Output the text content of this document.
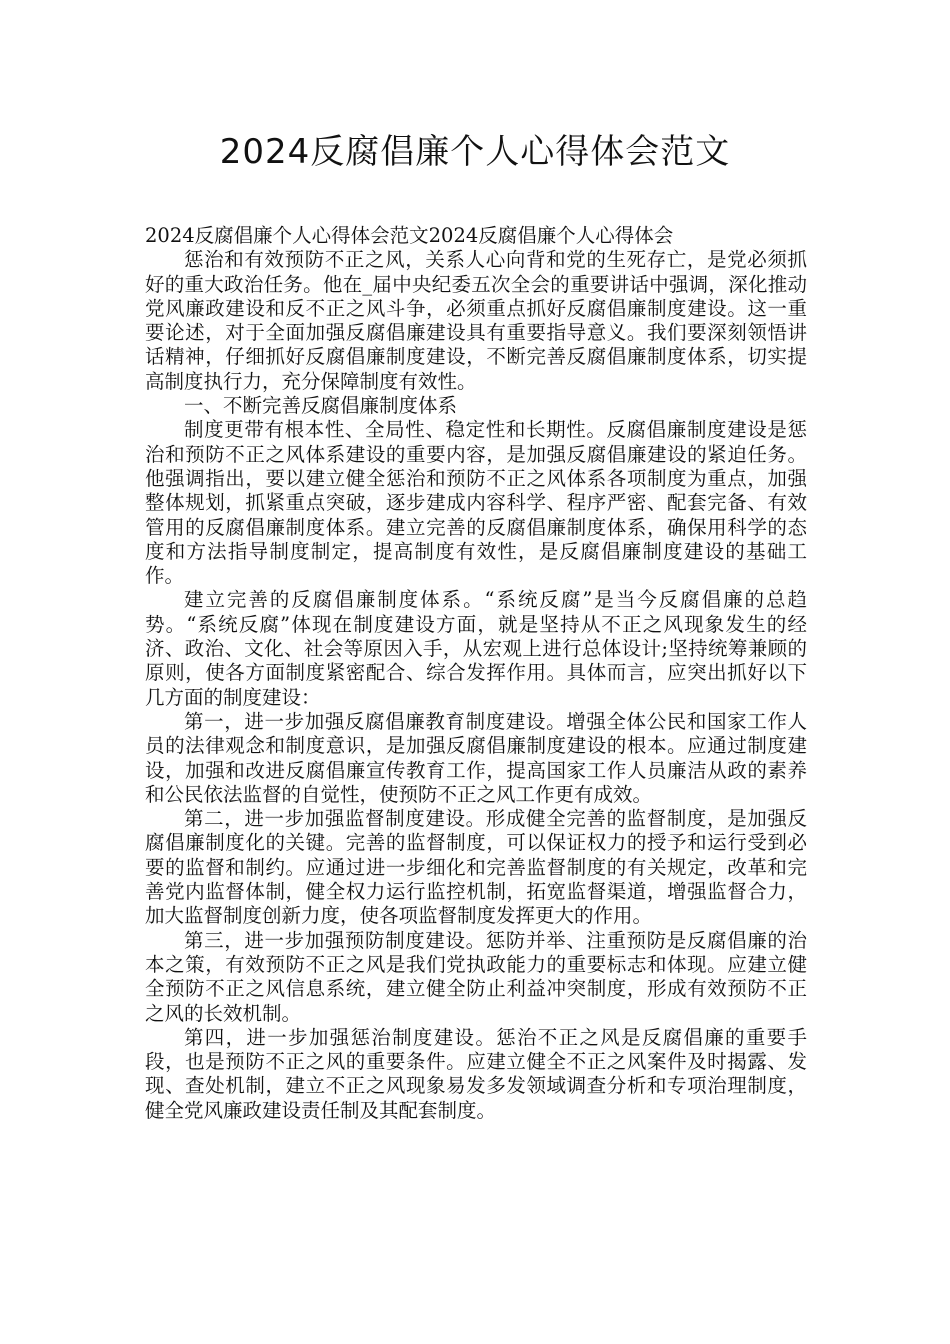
2024反腐倡廉个人心得体会范文

2024反腐倡廉个人心得体会范文2024反腐倡廉个人心得体会

惩治和有效预防不正之风，关系人心向背和党的生死存亡，是党必须抓好的重大政治任务。他在_届中央纪委五次全会的重要讲话中强调，深化推动党风廉政建设和反不正之风斗争，必须重点抓好反腐倡廉制度建设。这一重要论述，对于全面加强反腐倡廉建设具有重要指导意义。我们要深刻领悟讲话精神，仔细抓好反腐倡廉制度建设，不断完善反腐倡廉制度体系，切实提高制度执行力，充分保障制度有效性。

一、不断完善反腐倡廉制度体系

制度更带有根本性、全局性、稳定性和长期性。反腐倡廉制度建设是惩治和预防不正之风体系建设的重要内容，是加强反腐倡廉建设的紧迫任务。他强调指出，要以建立健全惩治和预防不正之风体系各项制度为重点，加强整体规划，抓紧重点突破，逐步建成内容科学、程序严密、配套完备、有效管用的反腐倡廉制度体系。建立完善的反腐倡廉制度体系，确保用科学的态度和方法指导制度制定，提高制度有效性，是反腐倡廉制度建设的基础工作。

建立完善的反腐倡廉制度体系。“系统反腐”是当今反腐倡廉的总趋势。“系统反腐”体现在制度建设方面，就是坚持从不正之风现象发生的经济、政治、文化、社会等原因入手，从宏观上进行总体设计;坚持统筹兼顾的原则，使各方面制度紧密配合、综合发挥作用。具体而言，应突出抓好以下几方面的制度建设：

第一，进一步加强反腐倡廉教育制度建设。增强全体公民和国家工作人员的法律观念和制度意识，是加强反腐倡廉制度建设的根本。应通过制度建设，加强和改进反腐倡廉宣传教育工作，提高国家工作人员廉洁从政的素养和公民依法监督的自觉性，使预防不正之风工作更有成效。

第二，进一步加强监督制度建设。形成健全完善的监督制度，是加强反腐倡廉制度化的关键。完善的监督制度，可以保证权力的授予和运行受到必要的监督和制约。应通过进一步细化和完善监督制度的有关规定，改革和完善党内监督体制，健全权力运行监控机制，拓宽监督渠道，增强监督合力，加大监督制度创新力度，使各项监督制度发挥更大的作用。

第三，进一步加强预防制度建设。惩防并举、注重预防是反腐倡廉的治本之策，有效预防不正之风是我们党执政能力的重要标志和体现。应建立健全预防不正之风信息系统，建立健全防止利益冲突制度，形成有效预防不正之风的长效机制。

第四，进一步加强惩治制度建设。惩治不正之风是反腐倡廉的重要手段，也是预防不正之风的重要条件。应建立健全不正之风案件及时揭露、发现、查处机制，建立不正之风现象易发多发领域调查分析和专项治理制度，健全党风廉政建设责任制及其配套制度。
